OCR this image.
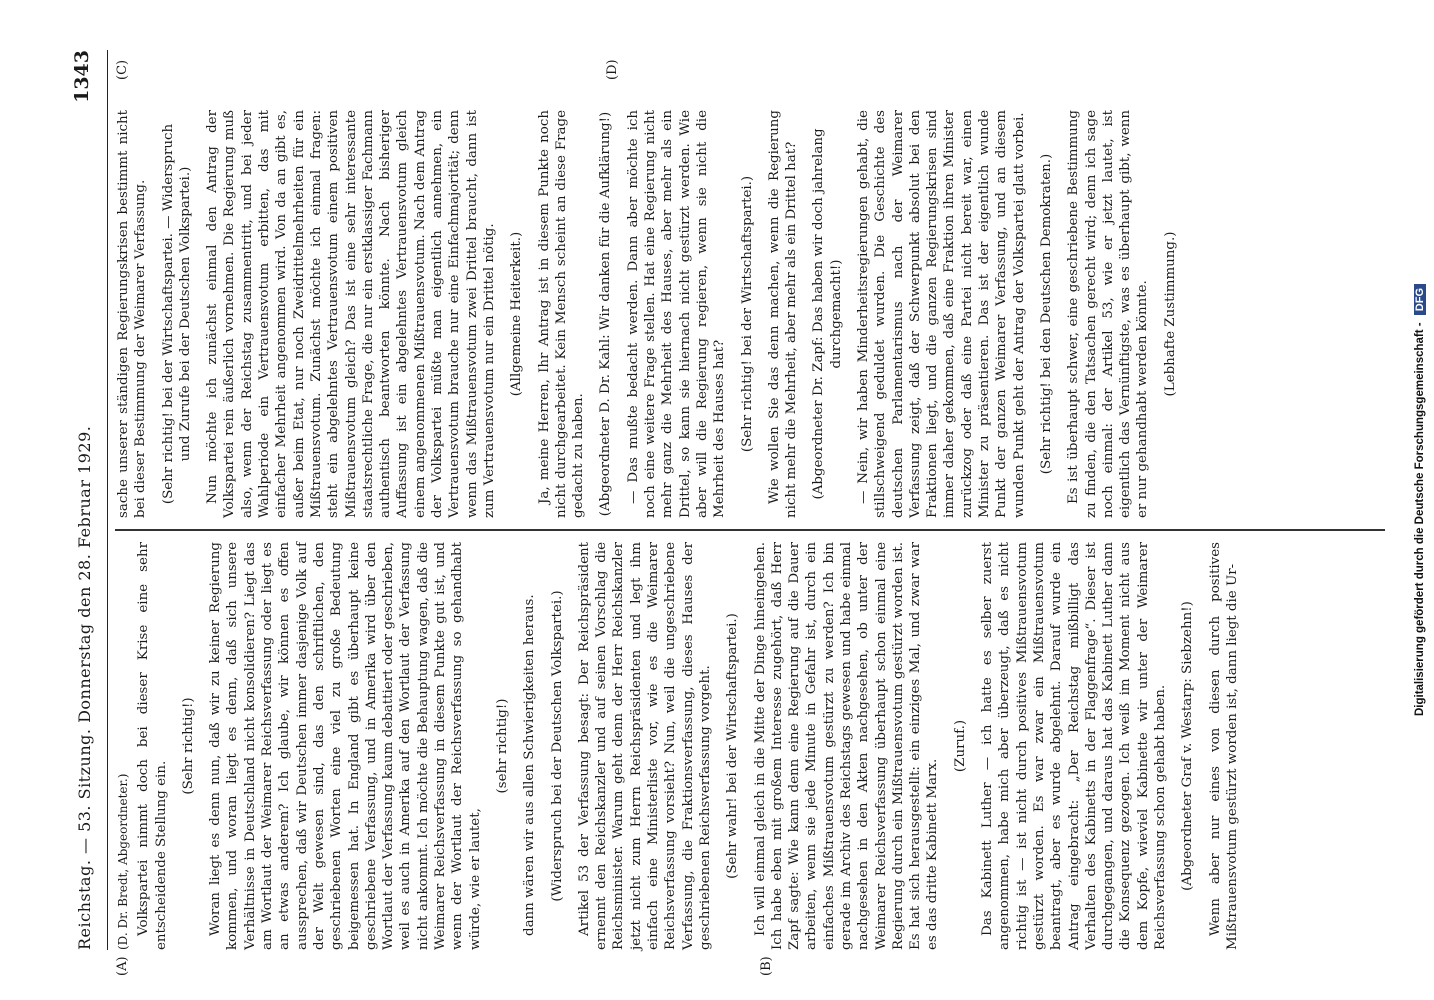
Reichstag. — 53. Sitzung. Donnerstag den 28. Februar 1929.
1343
(A)	(B)
(C)	(D)

(D. Dr. Bredt, Abgeordneter.) Volkspartei nimmt doch bei dieser Krise eine sehr entscheidende Stellung ein.

(Sehr richtig!) Woran liegt es denn nun, daß wir zu keiner Regierung kommen, und woran liegt es denn, daß sich unsere Verhältnisse in Deutschland nicht konsolidieren? Liegt das am Wortlaut der Weimarer Reichsverfassung oder liegt es an etwas anderem? Ich glaube, wir können es offen aussprechen, daß wir Deutschen immer dasjenige Volk auf der Welt gewesen sind, das den schriftlichen, den geschriebenen Worten eine viel zu große Bedeutung beigemessen hat. In England gibt es überhaupt keine geschriebene Verfassung, und in Amerika wird über den Wortlaut der Verfassung kaum debattiert oder geschrieben, weil es auch in Amerika auf den Wortlaut der Verfassung nicht ankommt. Ich möchte die Behauptung wagen, daß die Weimarer Reichsverfassung in diesem Punkte gut ist, und wenn der Wortlaut der Reichsverfassung so gehandhabt würde, wie er lautet,

(sehr richtig!) dann wären wir aus allen Schwierigkeiten heraus. (Widerspruch bei der Deutschen Volkspartei.) Artikel 53 der Verfassung besagt: Der Reichspräsident ernennt den Reichskanzler und auf seinen Vorschlag die Reichsminister. Warum geht denn der Herr Reichskanzler jetzt nicht zum Herrn Reichspräsidenten und legt ihm einfach eine Ministerliste vor, wie es die Weimarer Reichsverfassung vorsieht? Nun, weil die ungeschriebene Verfassung, die Fraktionsverfassung, dieses Hauses der geschriebenen Reichsverfassung vorgeht. (Sehr wahr! bei der Wirtschaftspartei.) Ich will einmal gleich in die Mitte der Dinge hineingehen. Ich habe eben mit großem Interesse zugehört, daß Herr Zapf sagte: Wie kann denn eine Regierung auf die Dauer arbeiten, wenn sie jede Minute in Gefahr ist, durch ein einfaches Mißtrauensvotum gestürzt zu werden? Ich bin gerade im Archiv des Reichstags gewesen und habe einmal nachgesehen in den Akten nachgesehen, ob unter der Weimarer Reichsverfassung überhaupt schon einmal eine Regierung durch ein Mißtrauensvotum gestürzt worden ist. Es hat sich herausgestellt: ein einziges Mal, und zwar war es das dritte Kabinett Marx.

(Zuruf.) Das Kabinett Luther — ich hatte es selber zuerst angenommen, habe mich aber überzeugt, daß es nicht richtig ist — ist nicht durch positives Mißtrauensvotum gestürzt worden. Es war zwar ein Mißtrauensvotum beantragt, aber es wurde abgelehnt. Darauf wurde ein Antrag eingebracht: „Der Reichstag mißbilligt das Verhalten des Kabinetts in der Flaggenfrage“. Dieser ist durchgegangen, und daraus hat das Kabinett Luther dann die Konsequenz gezogen. Ich weiß im Moment nicht aus dem Kopfe, wieviel Kabinette wir unter der Weimarer Reichsverfassung schon gehabt haben. (Abgeordneter Graf v. Westarp: Siebzehn!) Wenn aber nur eines von diesen durch positives Mißtrauensvotum gestürzt worden ist, dann liegt die Ur-

sache unserer ständigen Regierungskrisen bestimmt nicht bei dieser Bestimmung der Weimarer Verfassung. (Sehr richtig! bei der Wirtschaftspartei. — Widerspruch und Zurufe bei der Deutschen Volkspartei.) Nun möchte ich zunächst einmal den Antrag der Volkspartei rein äußerlich vornehmen. Die Regierung muß also, wenn der Reichstag zusammentritt, und bei jeder Wahlperiode ein Vertrauensvotum erbitten, das mit einfacher Mehrheit angenommen wird. Von da an gibt es, außer beim Etat, nur noch Zweidrittelmehrheiten für ein Mißtrauensvotum. Zunächst möchte ich einmal fragen: steht ein abgelehntes Vertrauensvotum einem positiven Mißtrauensvotum gleich? Das ist eine sehr interessante staatsrechtliche Frage, die nur ein erstklassiger Fachmann authentisch beantworten könnte. Nach bisheriger Auffassung ist ein abgelehntes Vertrauensvotum gleich einem angenommenen Mißtrauensvotum. Nach dem Antrag der Volkspartei müßte man eigentlich annehmen, ein Vertrauensvotum brauche nur eine Einfachmajorität; denn wenn das Mißtrauensvotum zwei Drittel braucht, dann ist zum Vertrauensvotum nur ein Drittel nötig. (Allgemeine Heiterkeit.) Ja, meine Herren, Ihr Antrag ist in diesem Punkte noch nicht durchgearbeitet. Kein Mensch scheint an diese Frage gedacht zu haben. (Abgeordneter D. Dr. Kahl: Wir danken für die Aufklärung!) — Das mußte bedacht werden. Dann aber möchte ich noch eine weitere Frage stellen. Hat eine Regierung nicht mehr ganz die Mehrheit des Hauses, aber mehr als ein Drittel, so kann sie hiernach nicht gestürzt werden. Wie aber will die Regierung regieren, wenn sie nicht die Mehrheit des Hauses hat? (Sehr richtig! bei der Wirtschaftspartei.) Wie wollen Sie das denn machen, wenn die Regierung nicht mehr die Mehrheit, aber mehr als ein Drittel hat? (Abgeordneter Dr. Zapf: Das haben wir doch jahrelang durchgemacht!) — Nein, wir haben Minderheitsregierungen gehabt, die stillschweigend geduldet wurden. Die Geschichte des deutschen Parlamentarismus nach der Weimarer Verfassung zeigt, daß der Schwerpunkt absolut bei den Fraktionen liegt, und die ganzen Regierungskrisen sind immer daher gekommen, daß eine Fraktion ihren Minister zurückzog oder daß eine Partei nicht bereit war, einen Minister zu präsentieren. Das ist der eigentlich wunde Punkt der ganzen Weimarer Verfassung, und an diesem wunden Punkt geht der Antrag der Volkspartei glatt vorbei. (Sehr richtig! bei den Deutschen Demokraten.) Es ist überhaupt schwer, eine geschriebene Bestimmung zu finden, die den Tatsachen gerecht wird; denn ich sage noch einmal: der Artikel 53, wie er jetzt lautet, ist eigentlich das Vernünftigste, was es überhaupt gibt, wenn er nur gehandhabt werden könnte. (Lebhafte Zustimmung.)

Digitalisierung gefördert durch die Deutsche Forschungsgemeinschaft - DFG
